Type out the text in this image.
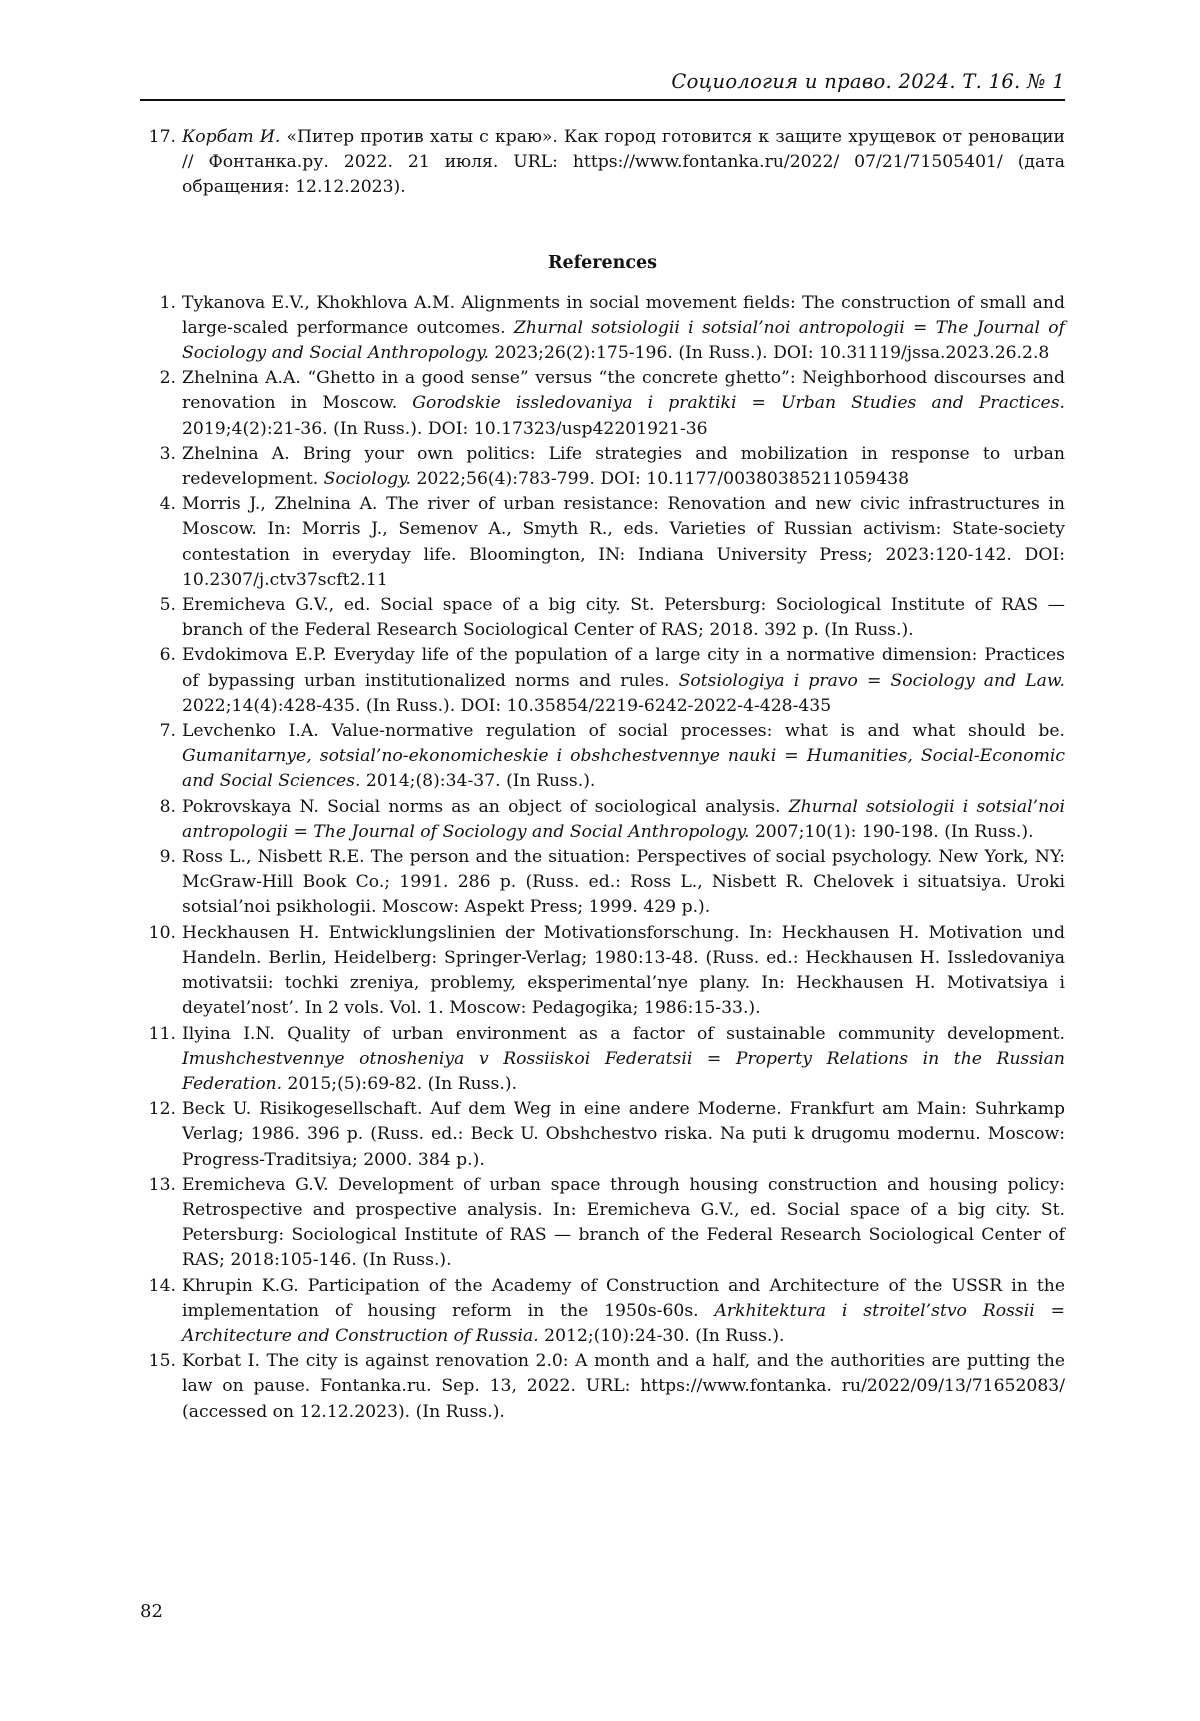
Социология и право. 2024. Т. 16. № 1
17. Корбат И. «Питер против хаты с краю». Как город готовится к защите хрущевок от реновации // Фонтанка.ру. 2022. 21 июля. URL: https://www.fontanka.ru/2022/ 07/21/71505401/ (дата обращения: 12.12.2023).
References
1. Tykanova E.V., Khokhlova A.M. Alignments in social movement fields: The construction of small and large-scaled performance outcomes. Zhurnal sotsiologii i sotsial’noi antropologii = The Journal of Sociology and Social Anthropology. 2023;26(2):175-196. (In Russ.). DOI: 10.31119/jssa.2023.26.2.8
2. Zhelnina A.A. “Ghetto in a good sense” versus “the concrete ghetto”: Neighborhood discourses and renovation in Moscow. Gorodskie issledovaniya i praktiki = Urban Studies and Practices. 2019;4(2):21-36. (In Russ.). DOI: 10.17323/usp42201921-36
3. Zhelnina A. Bring your own politics: Life strategies and mobilization in response to urban redevelopment. Sociology. 2022;56(4):783-799. DOI: 10.1177/00380385211059438
4. Morris J., Zhelnina A. The river of urban resistance: Renovation and new civic infrastructures in Moscow. In: Morris J., Semenov A., Smyth R., eds. Varieties of Russian activism: State-society contestation in everyday life. Bloomington, IN: Indiana University Press; 2023:120-142. DOI: 10.2307/j.ctv37scft2.11
5. Eremicheva G.V., ed. Social space of a big city. St. Petersburg: Sociological Institute of RAS — branch of the Federal Research Sociological Center of RAS; 2018. 392 p. (In Russ.).
6. Evdokimova E.P. Everyday life of the population of a large city in a normative dimension: Practices of bypassing urban institutionalized norms and rules. Sotsiologiya i pravo = Sociology and Law. 2022;14(4):428-435. (In Russ.). DOI: 10.35854/2219-6242-2022-4-428-435
7. Levchenko I.A. Value-normative regulation of social processes: what is and what should be. Gumanitarnye, sotsial’no-ekonomicheskie i obshchestvennye nauki = Humanities, Social-Economic and Social Sciences. 2014;(8):34-37. (In Russ.).
8. Pokrovskaya N. Social norms as an object of sociological analysis. Zhurnal sotsiologii i sotsial’noi antropologii = The Journal of Sociology and Social Anthropology. 2007;10(1): 190-198. (In Russ.).
9. Ross L., Nisbett R.E. The person and the situation: Perspectives of social psychology. New York, NY: McGraw-Hill Book Co.; 1991. 286 p. (Russ. ed.: Ross L., Nisbett R. Chelovek i situatsiya. Uroki sotsial’noi psikhologii. Moscow: Aspekt Press; 1999. 429 p.).
10. Heckhausen H. Entwicklungslinien der Motivationsforschung. In: Heckhausen H. Motivation und Handeln. Berlin, Heidelberg: Springer-Verlag; 1980:13-48. (Russ. ed.: Heckhausen H. Issledovaniya motivatsii: tochki zreniya, problemy, eksperimental’nye plany. In: Heckhausen H. Motivatsiya i deyatel’nost’. In 2 vols. Vol. 1. Moscow: Pedagogika; 1986:15-33.).
11. Ilyina I.N. Quality of urban environment as a factor of sustainable community development. Imushchestvennye otnosheniya v Rossiiskoi Federatsii = Property Relations in the Russian Federation. 2015;(5):69-82. (In Russ.).
12. Beck U. Risikogesellschaft. Auf dem Weg in eine andere Moderne. Frankfurt am Main: Suhrkamp Verlag; 1986. 396 p. (Russ. ed.: Beck U. Obshchestvo riska. Na puti k drugomu modernu. Moscow: Progress-Traditsiya; 2000. 384 p.).
13. Eremicheva G.V. Development of urban space through housing construction and housing policy: Retrospective and prospective analysis. In: Eremicheva G.V., ed. Social space of a big city. St. Petersburg: Sociological Institute of RAS — branch of the Federal Research Sociological Center of RAS; 2018:105-146. (In Russ.).
14. Khrupin K.G. Participation of the Academy of Construction and Architecture of the USSR in the implementation of housing reform in the 1950s-60s. Arkhitektura i stroitel’stvo Rossii = Architecture and Construction of Russia. 2012;(10):24-30. (In Russ.).
15. Korbat I. The city is against renovation 2.0: A month and a half, and the authorities are putting the law on pause. Fontanka.ru. Sep. 13, 2022. URL: https://www.fontanka. ru/2022/09/13/71652083/ (accessed on 12.12.2023). (In Russ.).
82
